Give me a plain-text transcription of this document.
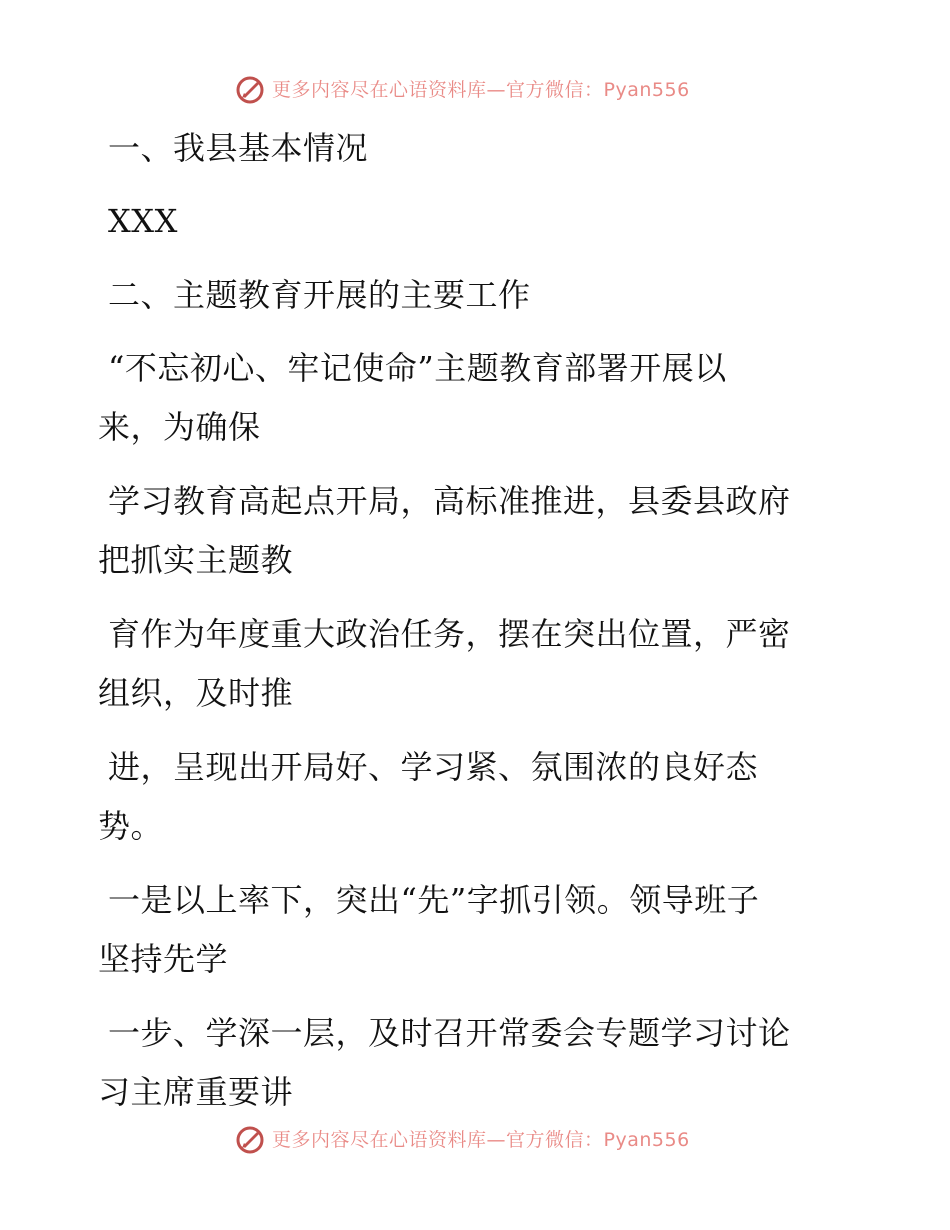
更多内容尽在心语资料库—官方微信：Pyan556
一、我县基本情况
XXX
二、主题教育开展的主要工作
“不忘初心、牢记使命”主题教育部署开展以
来，为确保
学习教育高起点开局，高标准推进，县委县政府
把抓实主题教
育作为年度重大政治任务，摆在突出位置，严密
组织，及时推
进，呈现出开局好、学习紧、氛围浓的良好态
势。
一是以上率下，突出“先”字抓引领。领导班子
坚持先学
一步、学深一层，及时召开常委会专题学习讨论
习主席重要讲
更多内容尽在心语资料库—官方微信：Pyan556
